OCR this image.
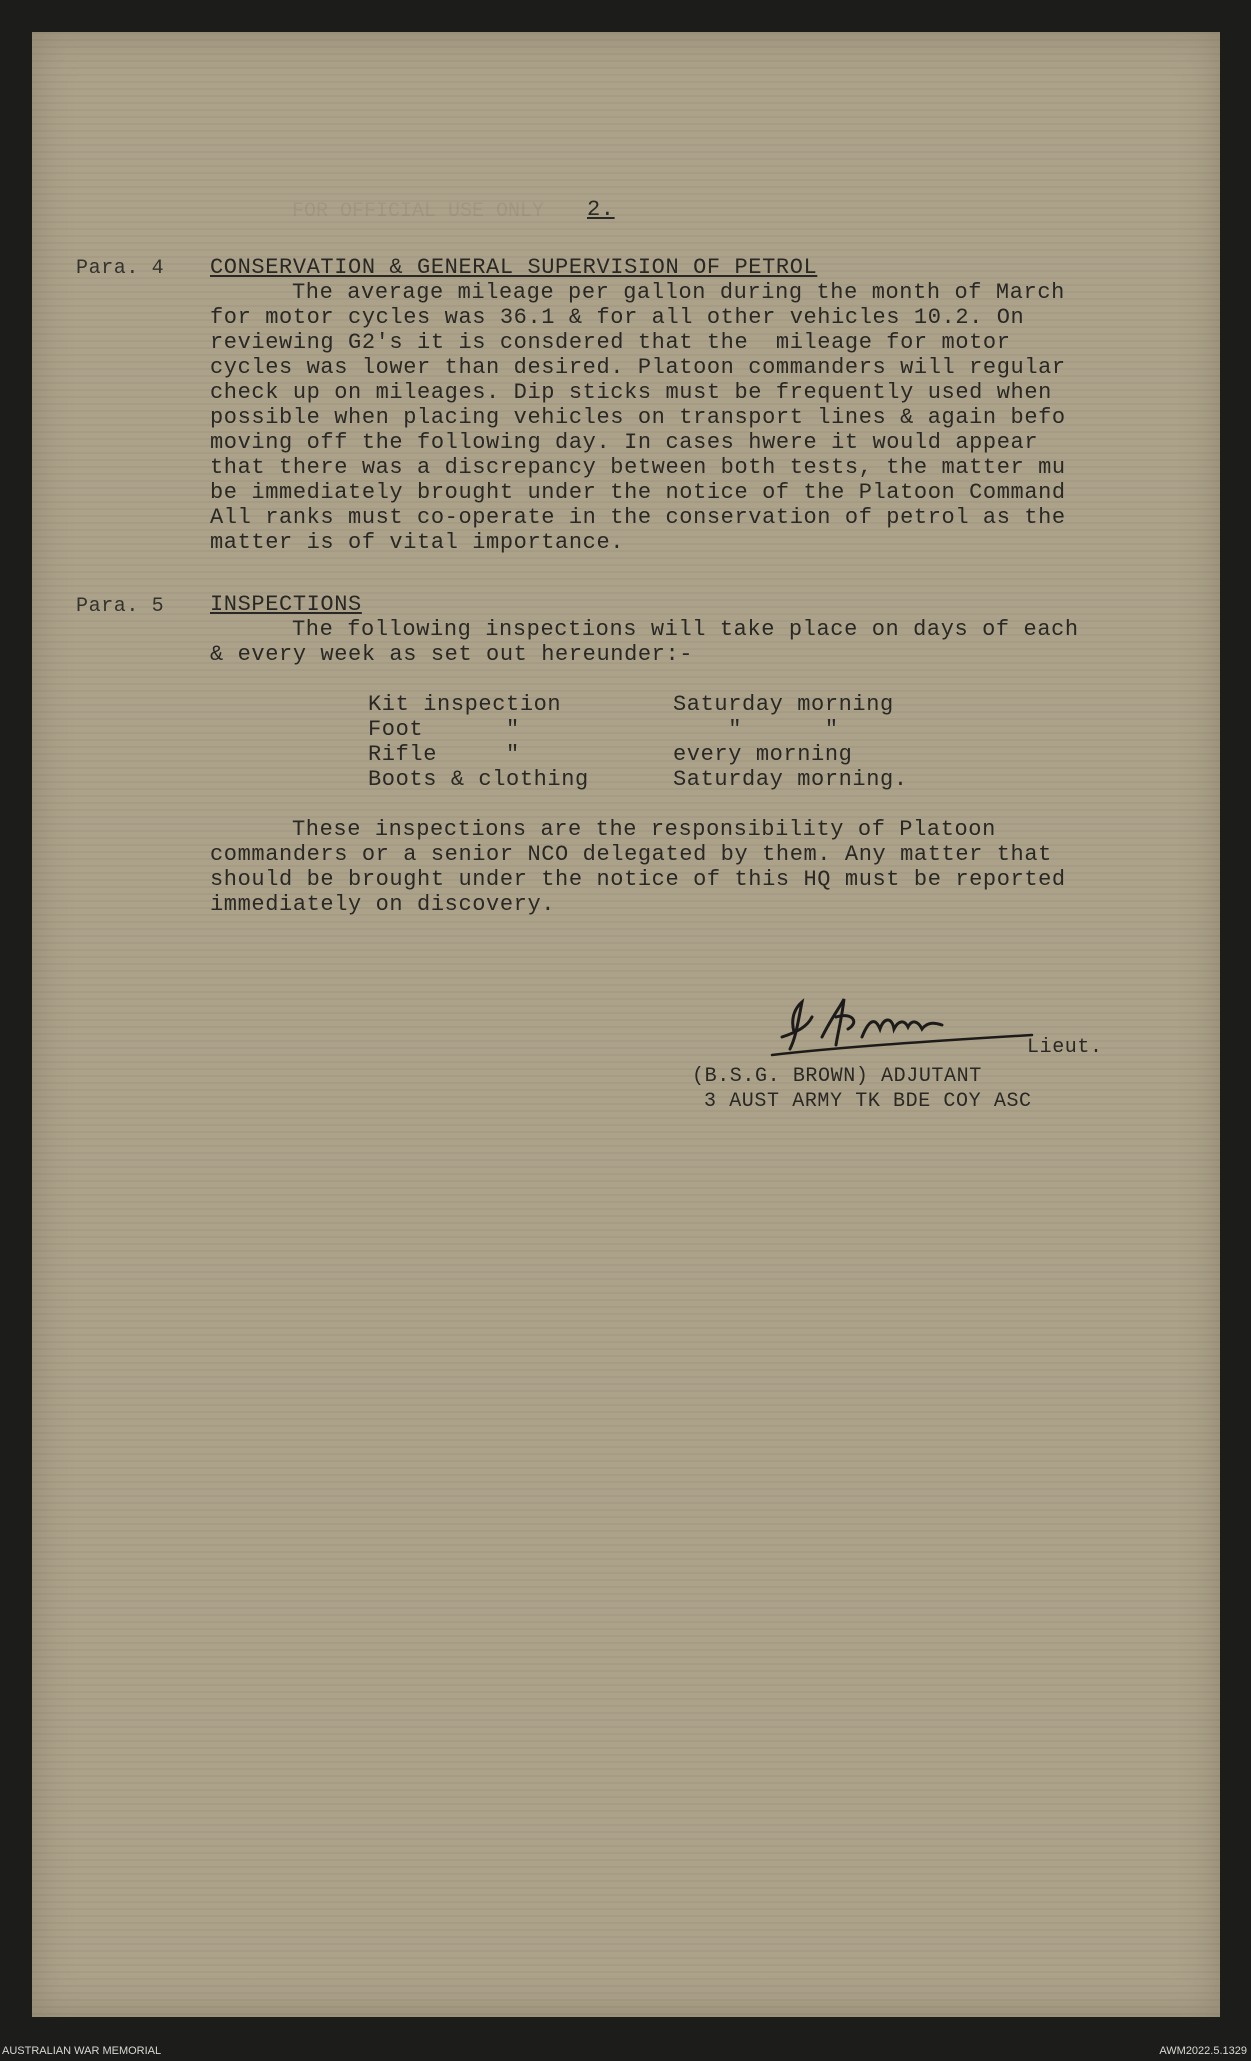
FOR OFFICIAL USE ONLY 2.
Para. 4 CONSERVATION & GENERAL SUPERVISION OF PETROL
The average mileage per gallon during the month of March
for motor cycles was 36.1 & for all other vehicles 10.2. On
reviewing G2's it is consdered that the  mileage for motor
cycles was lower than desired. Platoon commanders will regular
check up on mileages. Dip sticks must be frequently used when
possible when placing vehicles on transport lines & again befo
moving off the following day. In cases hwere it would appear
that there was a discrepancy between both tests, the matter mu
be immediately brought under the notice of the Platoon Command
All ranks must co-operate in the conservation of petrol as the
matter is of vital importance.
Para. 5 INSPECTIONS
The following inspections will take place on days of each
& every week as set out hereunder:-
Kit inspection	Saturday morning
Foot      "	"      "
Rifle     "	every morning
Boots & clothing	Saturday morning.
These inspections are the responsibility of Platoon
commanders or a senior NCO delegated by them. Any matter that
should be brought under the notice of this HQ must be reported
immediately on discovery.
Lieut.
(B.S.G. BROWN) ADJUTANT
3 AUST ARMY TK BDE COY ASC
AUSTRALIAN WAR MEMORIAL	AWM2022.5.1329
